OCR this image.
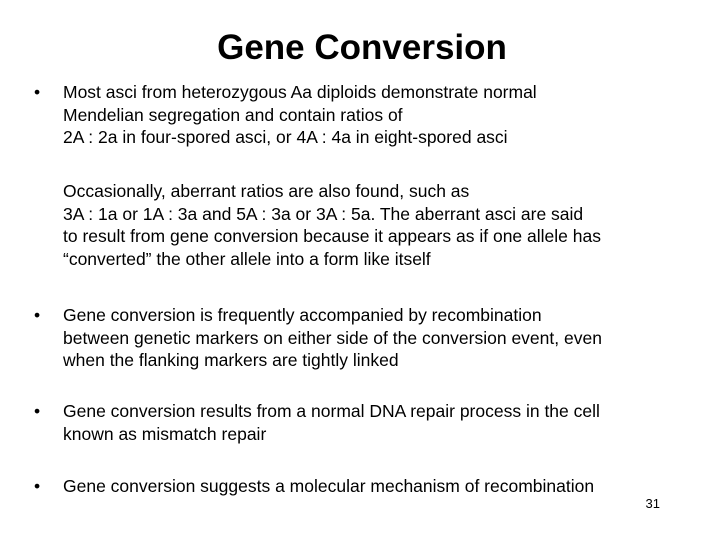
Gene Conversion
• Most asci from heterozygous Aa diploids demonstrate normal
Mendelian segregation and contain ratios of
2A : 2a in four-spored asci, or 4A : 4a in eight-spored asci
Occasionally, aberrant ratios are also found, such as
3A : 1a or 1A : 3a and 5A : 3a or 3A : 5a. The aberrant asci are said
to result from gene conversion because it appears as if one allele has
“converted” the other allele into a form like itself
• Gene conversion is frequently accompanied by recombination
between genetic markers on either side of the conversion event, even
when the flanking markers are tightly linked
• Gene conversion results from a normal DNA repair process in the cell
known as mismatch repair
• Gene conversion suggests a molecular mechanism of recombination
31
